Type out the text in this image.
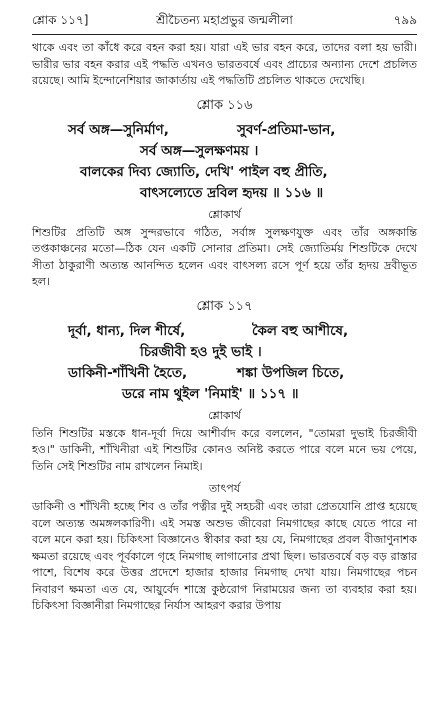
শ্লোক ১১৭]	শ্রীচৈতন্য মহাপ্রভুর জন্মলীলা	৭৯৯

থাকে এবং তা কাঁধে করে বহন করা হয়। যারা এই ভার বহন করে, তাদের বলা হয় ভারী। ভারীর ভার বহন করার এই পদ্ধতি এখনও ভারতবর্ষে এবং প্রাচ্যের অন্যান্য দেশে প্রচলিত রয়েছে। আমি ইন্দোনেশিয়ার জাকার্তায় এই পদ্ধতিটি প্রচলিত থাকতে দেখেছি।

শ্লোক ১১৬
সর্ব অঙ্গ—সুনির্মাণ,	সুবর্ণ-প্রতিমা-ভান,
সর্ব অঙ্গ—সুলক্ষণময় ।
বালকের দিব্য জ্যোতি, দেখি' পাইল বহু প্রীতি,
বাৎসল্যেতে দ্রবিল হৃদয় ॥ ১১৬ ॥
শ্লোকার্থ

শিশুটির প্রতিটি অঙ্গ সুন্দরভাবে গঠিত, সর্বাঙ্গ সুলক্ষণযুক্ত এবং তাঁর অঙ্গকান্তি তপ্তকাঞ্চনের মতো—ঠিক যেন একটি সোনার প্রতিমা। সেই জ্যোতির্ময় শিশুটিকে দেখে সীতা ঠাকুরাণী অত্যন্ত আনন্দিত হলেন এবং বাৎসল্য রসে পূর্ণ হয়ে তাঁর হৃদয় দ্রবীভূত হল।

শ্লোক ১১৭
দূর্বা, ধান্য, দিল শীর্ষে,	কৈল বহু আশীষে,
চিরজীবী হও দুই ভাই ।
ডাকিনী-শাঁখিনী হৈতে,	শঙ্কা উপজিল চিতে,
ডরে নাম থুইল 'নিমাই' ॥ ১১৭ ॥
শ্লোকার্থ

তিনি শিশুটির মস্তকে ধান-দূর্বা দিয়ে আশীর্বাদ করে বললেন, "তোমরা দুভাই চিরজীবী হও।" ডাকিনী, শাঁখিনীরা এই শিশুটির কোনও অনিষ্ট করতে পারে বলে মনে ভয় পেয়ে, তিনি সেই শিশুটির নাম রাখলেন নিমাই।

তাৎপর্য

ডাকিনী ও শাঁখিনী হচ্ছে শিব ও তাঁর পত্নীর দুই সহচরী এবং তারা প্রেতযোনি প্রাপ্ত হয়েছে বলে অত্যন্ত অমঙ্গলকারিণী। এই সমস্ত অশুভ জীবেরা নিমগাছের কাছে যেতে পারে না বলে মনে করা হয়। চিকিৎসা বিজ্ঞানেও স্বীকার করা হয় যে, নিমগাছের প্রবল বীজাণুনাশক ক্ষমতা রয়েছে এবং পূর্বকালে গৃহে নিমগাছ লাগানোর প্রথা ছিল। ভারতবর্ষে বড় বড় রাস্তার পাশে, বিশেষ করে উত্তর প্রদেশে হাজার হাজার নিমগাছ দেখা যায়। নিমগাছের পচন নিবারণ ক্ষমতা এত যে, আয়ুর্বেদ শাস্ত্রে কুষ্ঠরোগ নিরাময়ের জন্য তা ব্যবহার করা হয়। চিকিৎসা বিজ্ঞানীরা নিমগাছের নির্যাস আহরণ করার উপায়
